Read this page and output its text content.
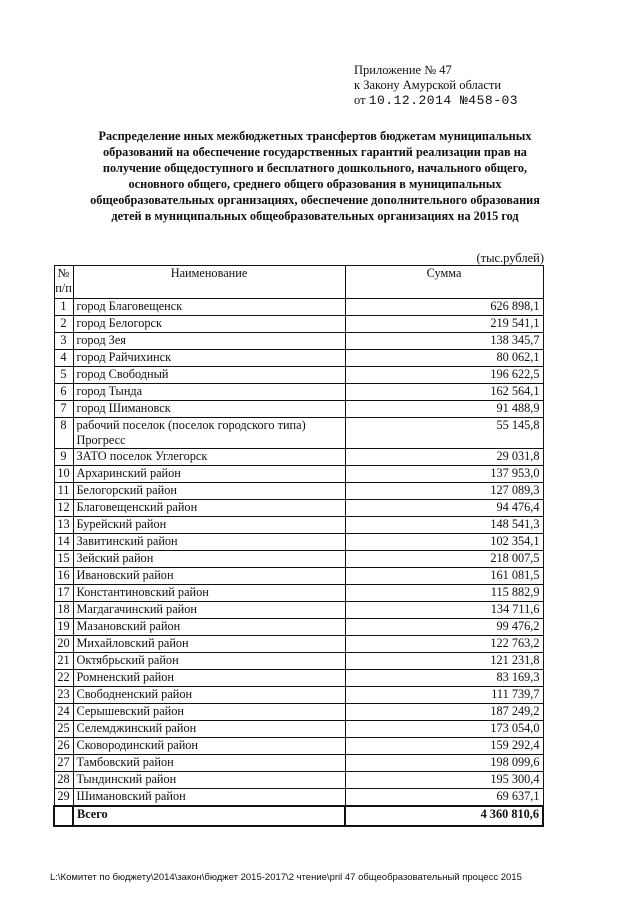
Приложение № 47
к Закону Амурской области
от 10.12.2014 №458-03
Распределение иных межбюджетных трансфертов бюджетам муниципальных образований на обеспечение государственных гарантий реализации прав на получение общедоступного и бесплатного дошкольного, начального общего, основного общего, среднего общего образования в муниципальных общеобразовательных организациях, обеспечение дополнительного образования детей в муниципальных общеобразовательных организациях на 2015 год
(тыс.рублей)
№ п/п	Наименование	Сумма
1	город Благовещенск	626 898,1
2	город Белогорск	219 541,1
3	город Зея	138 345,7
4	город Райчихинск	80 062,1
5	город Свободный	196 622,5
6	город Тында	162 564,1
7	город Шимановск	91 488,9
8	рабочий поселок (поселок городского типа) Прогресс	55 145,8
9	ЗАТО поселок Углегорск	29 031,8
10	Архаринский район	137 953,0
11	Белогорский район	127 089,3
12	Благовещенский район	94 476,4
13	Бурейский район	148 541,3
14	Завитинский район	102 354,1
15	Зейский район	218 007,5
16	Ивановский район	161 081,5
17	Константиновский район	115 882,9
18	Магдагачинский район	134 711,6
19	Мазановский район	99 476,2
20	Михайловский район	122 763,2
21	Октябрьский район	121 231,8
22	Ромненский район	83 169,3
23	Свободненский район	111 739,7
24	Серышевский район	187 249,2
25	Селемджинский район	173 054,0
26	Сковородинский район	159 292,4
27	Тамбовский район	198 099,6
28	Тындинский район	195 300,4
29	Шимановский район	69 637,1
	Всего	4 360 810,6
L:\Комитет по бюджету\2014\закон\бюджет 2015-2017\2 чтение\pril 47 общеобразовательный процесс 2015
